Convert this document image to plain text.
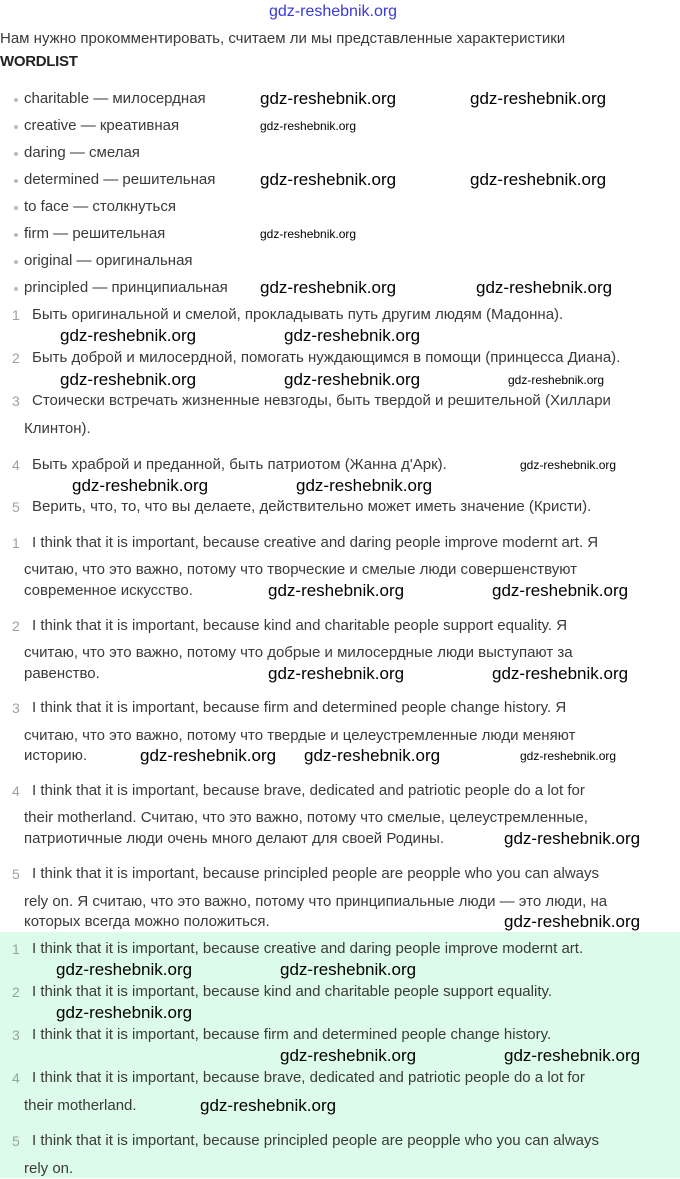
gdz-reshebnik.org
Нам нужно прокомментировать, считаем ли мы представленные характеристики
WORDLIST
charitable — милосердная
creative — креативная
daring — смелая
determined — решительная
to face — столкнуться
firm — решительная
original — оригинальная
principled — принципиальная
1 Быть оригинальной и смелой, прокладывать путь другим людям (Мадонна).
2 Быть доброй и милосердной, помогать нуждающимся в помощи (принцесса Диана).
3 Стоически встречать жизненные невзгоды, быть твердой и решительной (Хиллари
Клинтон).
4 Быть храброй и преданной, быть патриотом (Жанна д'Арк).
5 Верить, что, то, что вы делаете, действительно может иметь значение (Кристи).
1 I think that it is important, because creative and daring people improve modernt art. Я
считаю, что это важно, потому что творческие и смелые люди совершенствуют
современное искусство.
2 I think that it is important, because kind and charitable people support equality. Я
считаю, что это важно, потому что добрые и милосердные люди выступают за
равенство.
3 I think that it is important, because firm and determined people change history. Я
считаю, что это важно, потому что твердые и целеустремленные люди меняют
историю.
4 I think that it is important, because brave, dedicated and patriotic people do a lot for
their motherland. Считаю, что это важно, потому что смелые, целеустремленные,
патриотичные люди очень много делают для своей Родины.
5 I think that it is important, because principled people are peopple who you can always
rely on. Я считаю, что это важно, потому что принципиальные люди — это люди, на
которых всегда можно положиться.
1 I think that it is important, because creative and daring people improve modernt art.
2 I think that it is important, because kind and charitable people support equality.
3 I think that it is important, because firm and determined people change history.
4 I think that it is important, because brave, dedicated and patriotic people do a lot for
their motherland.
5 I think that it is important, because principled people are peopple who you can always
rely on.
gdz-reshebnik.org	gdz-reshebnik.org
gdz-reshebnik.org
gdz-reshebnik.org	gdz-reshebnik.org
gdz-reshebnik.org
gdz-reshebnik.org	gdz-reshebnik.org
gdz-reshebnik.org	gdz-reshebnik.org
gdz-reshebnik.org	gdz-reshebnik.org	gdz-reshebnik.org
gdz-reshebnik.org
gdz-reshebnik.org	gdz-reshebnik.org
gdz-reshebnik.org	gdz-reshebnik.org
gdz-reshebnik.org	gdz-reshebnik.org
gdz-reshebnik.org gdz-reshebnik.org	gdz-reshebnik.org
gdz-reshebnik.org
gdz-reshebnik.org
gdz-reshebnik.org	gdz-reshebnik.org
gdz-reshebnik.org
gdz-reshebnik.org	gdz-reshebnik.org
gdz-reshebnik.org
